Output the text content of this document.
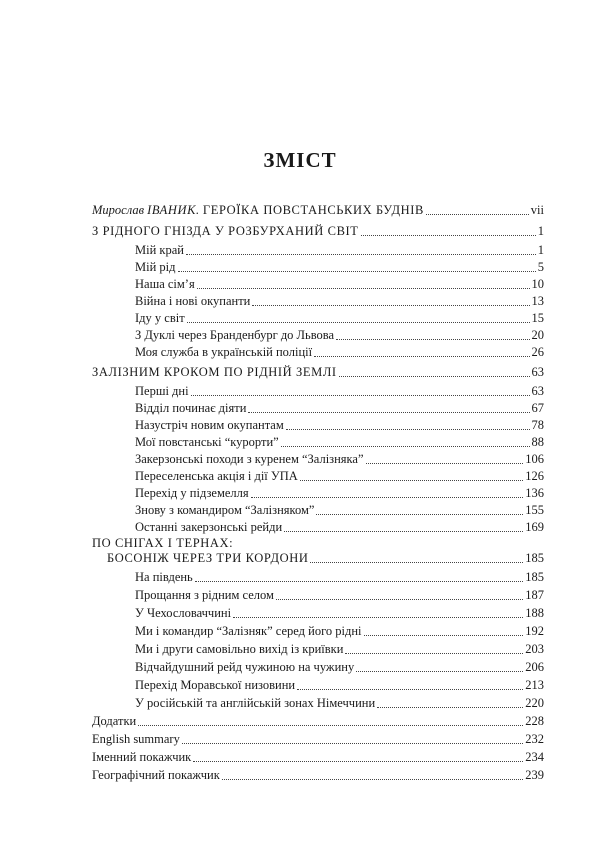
ЗМІСТ
Мирослав ІВАНИК. ГЕРОЇКА ПОВСТАНСЬКИХ БУДНІВ	vii
З РІДНОГО ГНІЗДА У РОЗБУРХАНИЙ СВІТ	1
Мій край	1
Мій рід	5
Наша сім’я	10
Війна і нові окупанти	13
Іду у світ	15
З Дуклі через Бранденбург до Львова	20
Моя служба в українській поліції	26
ЗАЛІЗНИМ КРОКОМ ПО РІДНІЙ ЗЕМЛІ	63
Перші дні	63
Відділ починає діяти	67
Назустріч новим окупантам	78
Мої повстанські “курорти”	88
Закерзонські походи з куренем “Залізняка”	106
Переселенська акція і дії УПА	126
Перехід у підземелля	136
Знову з командиром “Залізняком”	155
Останні закерзонські рейди	169
ПО СНІГАХ І ТЕРНАХ:
БОСОНІЖ ЧЕРЕЗ ТРИ КОРДОНИ	185
На південь	185
Прощання з рідним селом	187
У Чехословаччині	188
Ми і командир “Залізняк” серед його рідні	192
Ми і други самовільно вихід із криївки	203
Відчайдушний рейд чужиною на чужину	206
Перехід Моравської низовини	213
У російській та англійській зонах Німеччини	220
Додатки	228
English summary	232
Іменний покажчик	234
Географічний покажчик	239
